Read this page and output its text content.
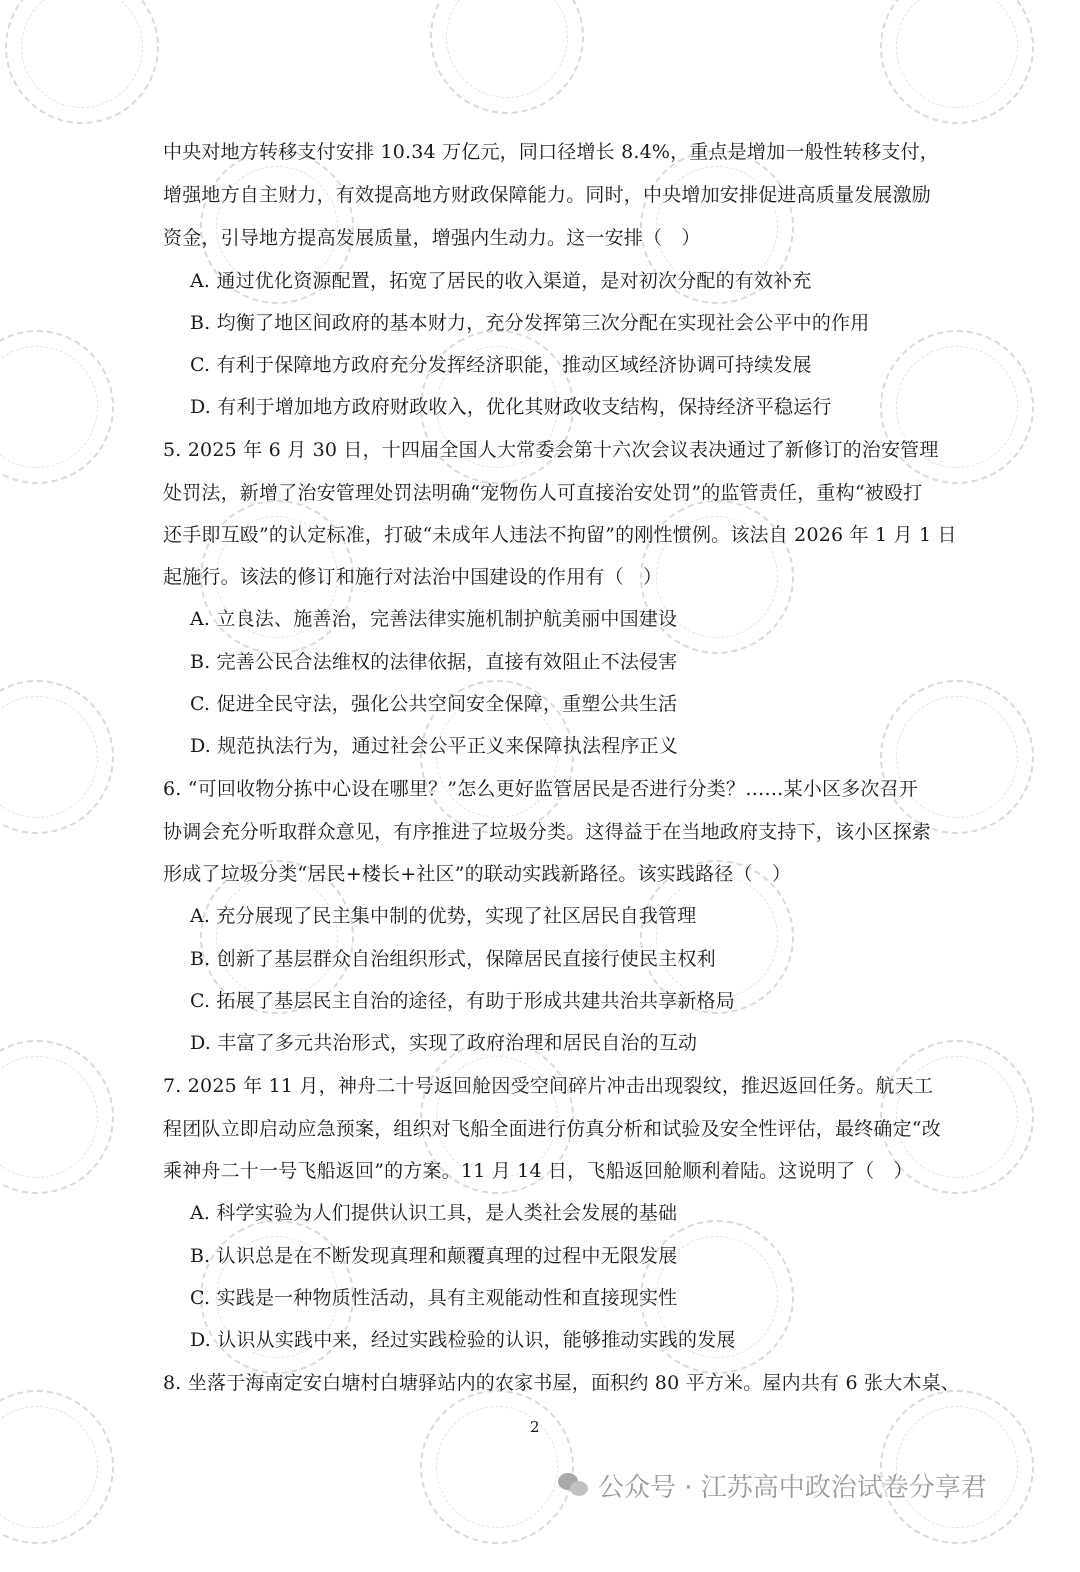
中央对地方转移支付安排 10.34 万亿元，同口径增长 8.4%，重点是增加一般性转移支付，
增强地方自主财力，有效提高地方财政保障能力。同时，中央增加安排促进高质量发展激励
资金，引导地方提高发展质量，增强内生动力。这一安排（　）
A. 通过优化资源配置，拓宽了居民的收入渠道，是对初次分配的有效补充
B. 均衡了地区间政府的基本财力，充分发挥第三次分配在实现社会公平中的作用
C. 有利于保障地方政府充分发挥经济职能，推动区域经济协调可持续发展
D. 有利于增加地方政府财政收入，优化其财政收支结构，保持经济平稳运行
5. 2025 年 6 月 30 日，十四届全国人大常委会第十六次会议表决通过了新修订的治安管理
处罚法，新增了治安管理处罚法明确“宠物伤人可直接治安处罚”的监管责任，重构“被殴打
还手即互殴”的认定标准，打破“未成年人违法不拘留”的刚性惯例。该法自 2026 年 1 月 1 日
起施行。该法的修订和施行对法治中国建设的作用有（　）
A. 立良法、施善治，完善法律实施机制护航美丽中国建设
B. 完善公民合法维权的法律依据，直接有效阻止不法侵害
C. 促进全民守法，强化公共空间安全保障，重塑公共生活
D. 规范执法行为，通过社会公平正义来保障执法程序正义
6. “可回收物分拣中心设在哪里？”怎么更好监管居民是否进行分类？……某小区多次召开
协调会充分听取群众意见，有序推进了垃圾分类。这得益于在当地政府支持下，该小区探索
形成了垃圾分类“居民+楼长+社区”的联动实践新路径。该实践路径（　）
A. 充分展现了民主集中制的优势，实现了社区居民自我管理
B. 创新了基层群众自治组织形式，保障居民直接行使民主权利
C. 拓展了基层民主自治的途径，有助于形成共建共治共享新格局
D. 丰富了多元共治形式，实现了政府治理和居民自治的互动
7. 2025 年 11 月，神舟二十号返回舱因受空间碎片冲击出现裂纹，推迟返回任务。航天工
程团队立即启动应急预案，组织对飞船全面进行仿真分析和试验及安全性评估，最终确定“改
乘神舟二十一号飞船返回”的方案。11 月 14 日，飞船返回舱顺利着陆。这说明了（　）
A. 科学实验为人们提供认识工具，是人类社会发展的基础
B. 认识总是在不断发现真理和颠覆真理的过程中无限发展
C. 实践是一种物质性活动，具有主观能动性和直接现实性
D. 认识从实践中来，经过实践检验的认识，能够推动实践的发展
8. 坐落于海南定安白塘村白塘驿站内的农家书屋，面积约 80 平方米。屋内共有 6 张大木桌、
2
公众号 · 江苏高中政治试卷分享君
